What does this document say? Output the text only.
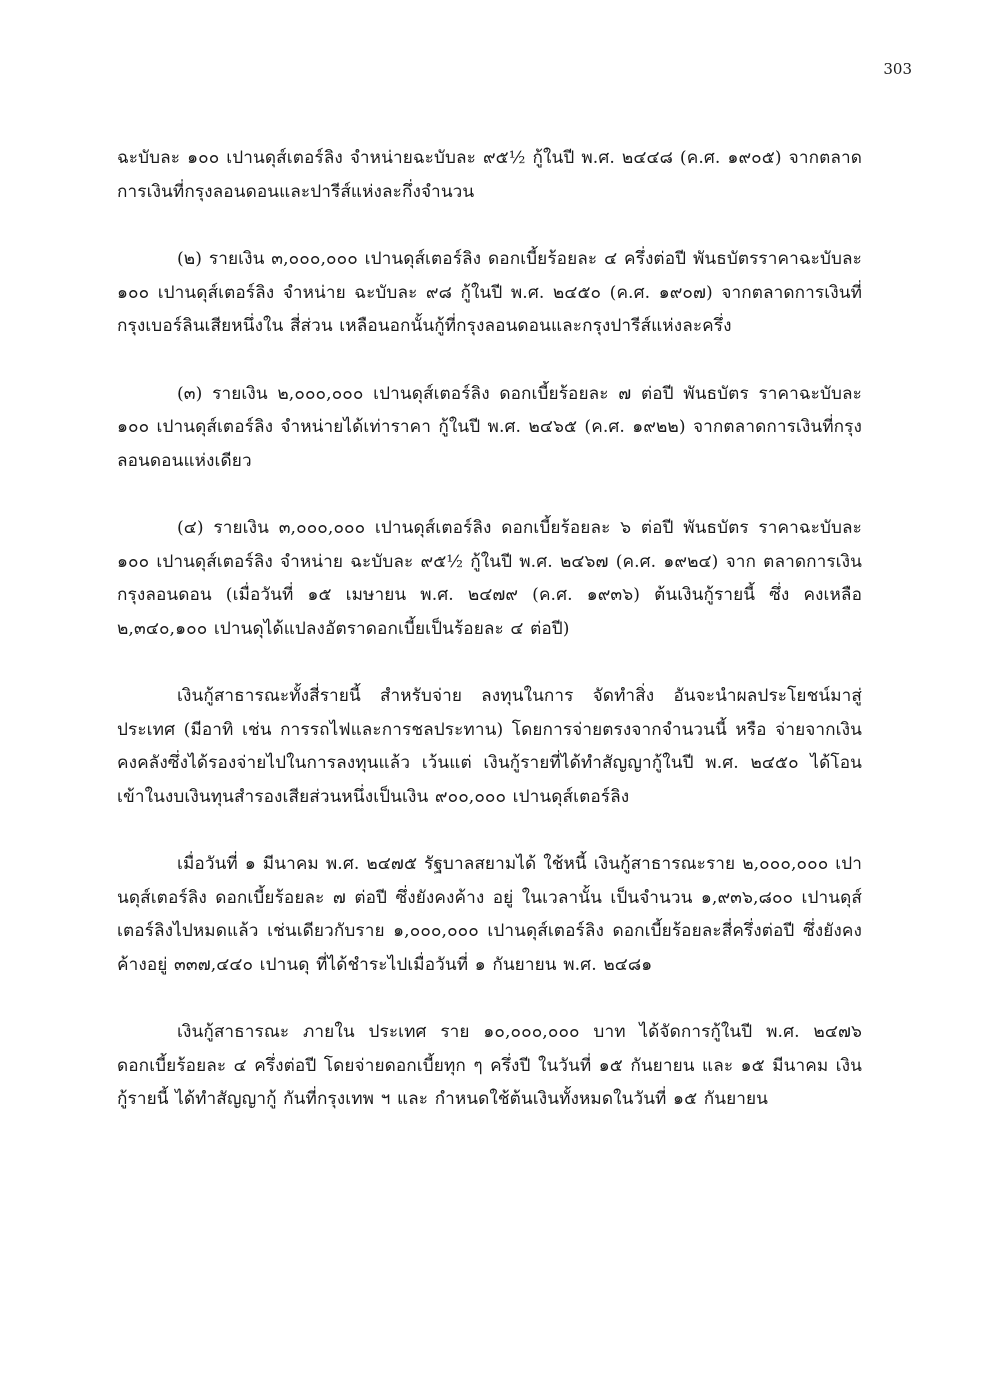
303

ฉะบับละ ๑๐๐ เปานดุส์เตอร์ลิง จำหน่ายฉะบับละ ๙๕½ กู้ในปี พ.ศ. ๒๔๔๘ (ค.ศ. ๑๙๐๕) จากตลาดการเงินที่กรุงลอนดอนและปารีส์แห่งละกึ่งจำนวน

(๒) รายเงิน ๓,๐๐๐,๐๐๐ เปานดุส์เตอร์ลิง ดอกเบี้ยร้อยละ ๔ ครึ่งต่อปี พันธบัตรราคาฉะบับละ ๑๐๐ เปานดุส์เตอร์ลิง จำหน่าย ฉะบับละ ๙๘ กู้ในปี พ.ศ. ๒๔๕๐ (ค.ศ. ๑๙๐๗) จากตลาดการเงินที่กรุงเบอร์ลินเสียหนึ่งใน สี่ส่วน เหลือนอกนั้นกู้ที่กรุงลอนดอนและกรุงปารีส์แห่งละครึ่ง

(๓) รายเงิน ๒,๐๐๐,๐๐๐ เปานดุส์เตอร์ลิง ดอกเบี้ยร้อยละ ๗ ต่อปี พันธบัตร ราคาฉะบับละ ๑๐๐ เปานดุส์เตอร์ลิง จำหน่ายได้เท่าราคา กู้ในปี พ.ศ. ๒๔๖๕ (ค.ศ. ๑๙๒๒) จากตลาดการเงินที่กรุงลอนดอนแห่งเดียว

(๔) รายเงิน ๓,๐๐๐,๐๐๐ เปานดุส์เตอร์ลิง ดอกเบี้ยร้อยละ ๖ ต่อปี พันธบัตร ราคาฉะบับละ ๑๐๐ เปานดุส์เตอร์ลิง จำหน่าย ฉะบับละ ๙๕½ กู้ในปี พ.ศ. ๒๔๖๗ (ค.ศ. ๑๙๒๔) จาก ตลาดการเงิน กรุงลอนดอน (เมื่อวันที่ ๑๕ เมษายน พ.ศ. ๒๔๗๙ (ค.ศ. ๑๙๓๖) ต้นเงินกู้รายนี้ ซึ่ง คงเหลือ ๒,๓๔๐,๑๐๐ เปานดุได้แปลงอัตราดอกเบี้ยเป็นร้อยละ ๔ ต่อปี)

เงินกู้สาธารณะทั้งสี่รายนี้ สำหรับจ่าย ลงทุนในการ จัดทำสิ่ง อันจะนำผลประโยชน์มาสู่ประเทศ (มีอาทิ เช่น การรถไฟและการชลประทาน) โดยการจ่ายตรงจากจำนวนนี้ หรือ จ่ายจากเงินคงคลังซึ่งได้รองจ่ายไปในการลงทุนแล้ว เว้นแต่ เงินกู้รายที่ได้ทำสัญญากู้ในปี พ.ศ. ๒๔๕๐ ได้โอนเข้าในงบเงินทุนสำรองเสียส่วนหนึ่งเป็นเงิน ๙๐๐,๐๐๐ เปานดุส์เตอร์ลิง

เมื่อวันที่ ๑ มีนาคม พ.ศ. ๒๔๗๕ รัฐบาลสยามได้ ใช้หนี้ เงินกู้สาธารณะราย ๒,๐๐๐,๐๐๐ เปานดุส์เตอร์ลิง ดอกเบี้ยร้อยละ ๗ ต่อปี ซึ่งยังคงค้าง อยู่ ในเวลานั้น เป็นจำนวน ๑,๙๓๖,๘๐๐ เปานดุส์เตอร์ลิงไปหมดแล้ว เช่นเดียวกับราย ๑,๐๐๐,๐๐๐ เปานดุส์เตอร์ลิง ดอกเบี้ยร้อยละสี่ครึ่งต่อปี ซึ่งยังคงค้างอยู่ ๓๓๗,๔๔๐ เปานดุ ที่ได้ชำระไปเมื่อวันที่ ๑ กันยายน พ.ศ. ๒๔๘๑

เงินกู้สาธารณะ ภายใน ประเทศ ราย ๑๐,๐๐๐,๐๐๐ บาท ได้จัดการกู้ในปี พ.ศ. ๒๔๗๖ ดอกเบี้ยร้อยละ ๔ ครึ่งต่อปี โดยจ่ายดอกเบี้ยทุก ๆ ครึ่งปี ในวันที่ ๑๕ กันยายน และ ๑๕ มีนาคม เงินกู้รายนี้ ได้ทำสัญญากู้ กันที่กรุงเทพ ฯ และ กำหนดใช้ต้นเงินทั้งหมดในวันที่ ๑๕ กันยายน
